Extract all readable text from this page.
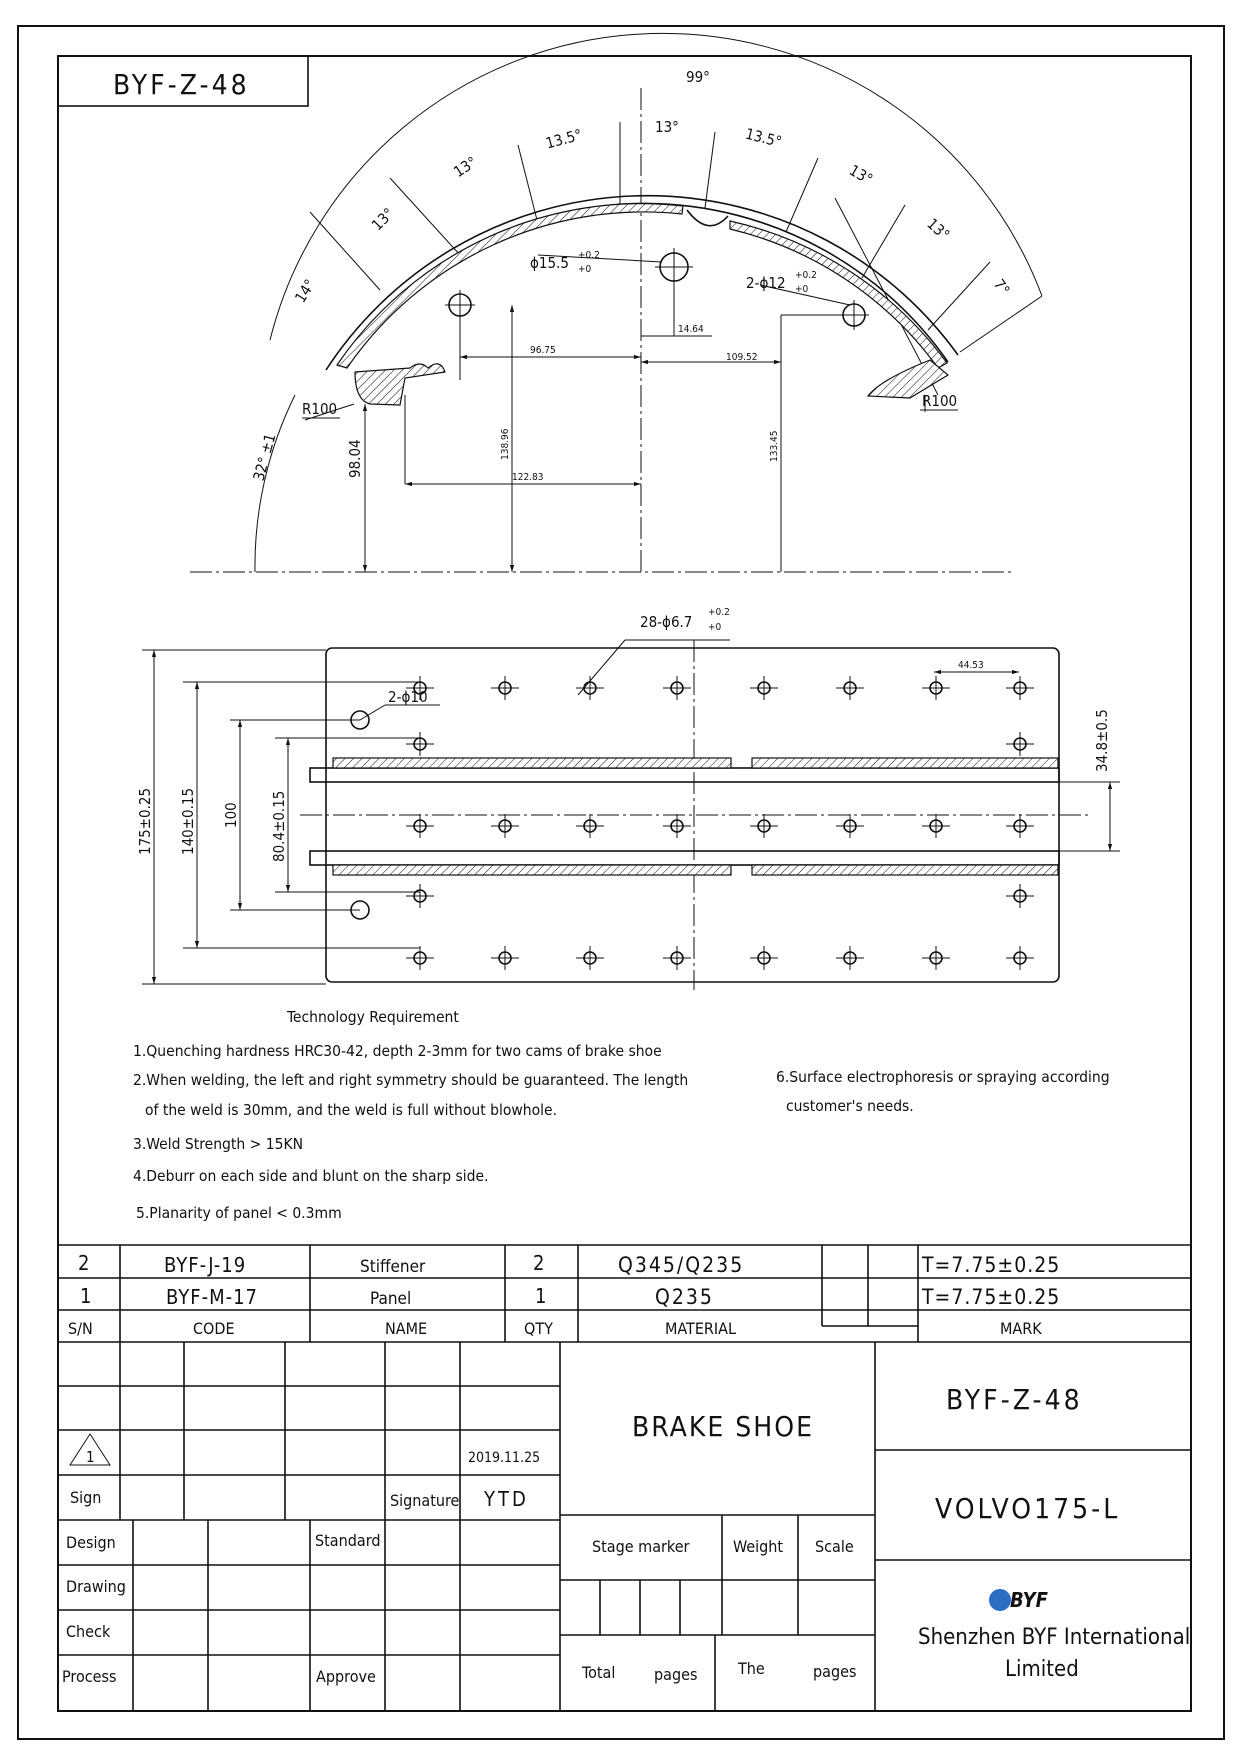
BYF-Z-48	99°
14°
13°
13°
13.5°	13°	13.5°
13°
13°
7°
32° ±1
ϕ15.5 +0.2
+0
2-ϕ12 +0.2
+0
14.64
96.75
109.52
138.96	133.45
98.04	122.83
R100	R100
28-ϕ6.7
+0.2
+0
2-ϕ10
44.53
175±0.25 140±0.15 100 80.4±0.15
34.8±0.5
2	BYF-J-19	Stiffener	2	Q345/Q235	T=7.75±0.25
1	BYF-M-17	Panel	1	Q235	T=7.75±0.25
S/N	CODE	NAME	QTY	MATERIAL	MARK
1	2019.11.25
Sign	Signature YTD
Design
Drawing
Check
Process
Standard
Approve
BRAKE SHOE
Stage marker	Weight Scale
Total pages	The	pages
BYF-Z-48
VOLVO175-L
BYF
Shenzhen BYF International
Limited
Technology Requirement
1.Quenching hardness HRC30-42, depth 2-3mm for two cams of brake shoe
2.When welding, the left and right symmetry should be guaranteed. The length
of the weld is 30mm, and the weld is full without blowhole.
3.Weld Strength > 15KN
4.Deburr on each side and blunt on the sharp side.
5.Planarity of panel < 0.3mm
6.Surface electrophoresis or spraying according
customer's needs.
